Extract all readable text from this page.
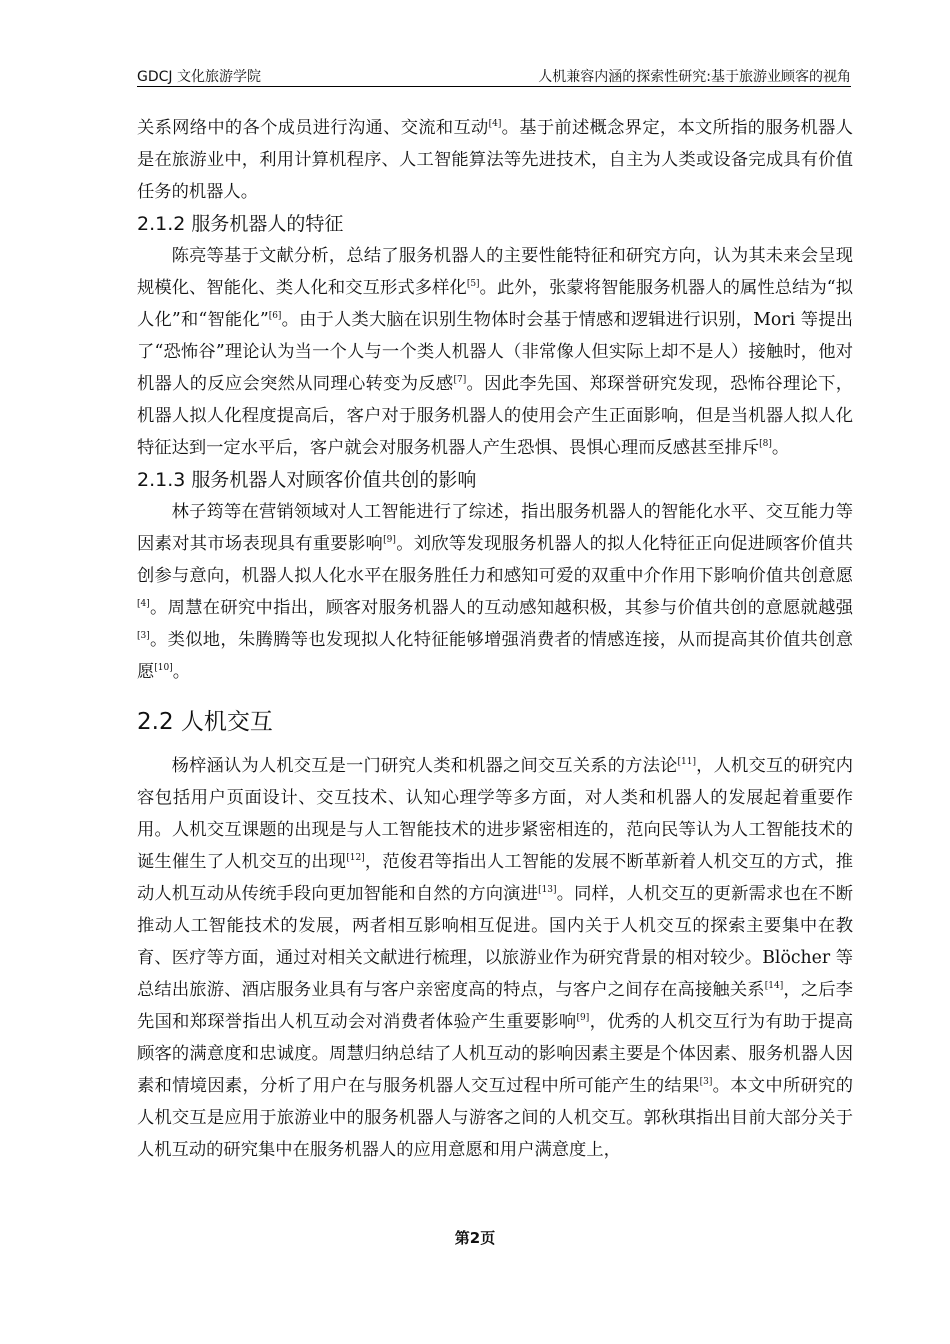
GDCJ 文化旅游学院	人机兼容内涵的探索性研究:基于旅游业顾客的视角

关系网络中的各个成员进行沟通、交流和互动[4]。基于前述概念界定，本文所指的服务机器人是在旅游业中，利用计算机程序、人工智能算法等先进技术，自主为人类或设备完成具有价值任务的机器人。

2.1.2 服务机器人的特征

陈亮等基于文献分析，总结了服务机器人的主要性能特征和研究方向，认为其未来会呈现规模化、智能化、类人化和交互形式多样化[5]。此外，张蒙将智能服务机器人的属性总结为“拟人化”和“智能化”[6]。由于人类大脑在识别生物体时会基于情感和逻辑进行识别，Mori 等提出了“恐怖谷”理论认为当一个人与一个类人机器人（非常像人但实际上却不是人）接触时，他对机器人的反应会突然从同理心转变为反感[7]。因此李先国、郑琛誉研究发现，恐怖谷理论下，机器人拟人化程度提高后，客户对于服务机器人的使用会产生正面影响，但是当机器人拟人化特征达到一定水平后，客户就会对服务机器人产生恐惧、畏惧心理而反感甚至排斥[8]。

2.1.3 服务机器人对顾客价值共创的影响

林子筠等在营销领域对人工智能进行了综述，指出服务机器人的智能化水平、交互能力等因素对其市场表现具有重要影响[9]。刘欣等发现服务机器人的拟人化特征正向促进顾客价值共创参与意向，机器人拟人化水平在服务胜任力和感知可爱的双重中介作用下影响价值共创意愿[4]。周慧在研究中指出，顾客对服务机器人的互动感知越积极，其参与价值共创的意愿就越强[3]。类似地，朱腾腾等也发现拟人化特征能够增强消费者的情感连接，从而提高其价值共创意愿[10]。

2.2 人机交互

杨梓涵认为人机交互是一门研究人类和机器之间交互关系的方法论[11]，人机交互的研究内容包括用户页面设计、交互技术、认知心理学等多方面，对人类和机器人的发展起着重要作用。人机交互课题的出现是与人工智能技术的进步紧密相连的，范向民等认为人工智能技术的诞生催生了人机交互的出现[12]，范俊君等指出人工智能的发展不断革新着人机交互的方式，推动人机互动从传统手段向更加智能和自然的方向演进[13]。同样，人机交互的更新需求也在不断推动人工智能技术的发展，两者相互影响相互促进。国内关于人机交互的探索主要集中在教育、医疗等方面，通过对相关文献进行梳理，以旅游业作为研究背景的相对较少。Blöcher 等总结出旅游、酒店服务业具有与客户亲密度高的特点，与客户之间存在高接触关系[14]，之后李先国和郑琛誉指出人机互动会对消费者体验产生重要影响[9]，优秀的人机交互行为有助于提高顾客的满意度和忠诚度。周慧归纳总结了人机互动的影响因素主要是个体因素、服务机器人因素和情境因素，分析了用户在与服务机器人交互过程中所可能产生的结果[3]。本文中所研究的人机交互是应用于旅游业中的服务机器人与游客之间的人机交互。郭秋琪指出目前大部分关于人机互动的研究集中在服务机器人的应用意愿和用户满意度上，

第2页
